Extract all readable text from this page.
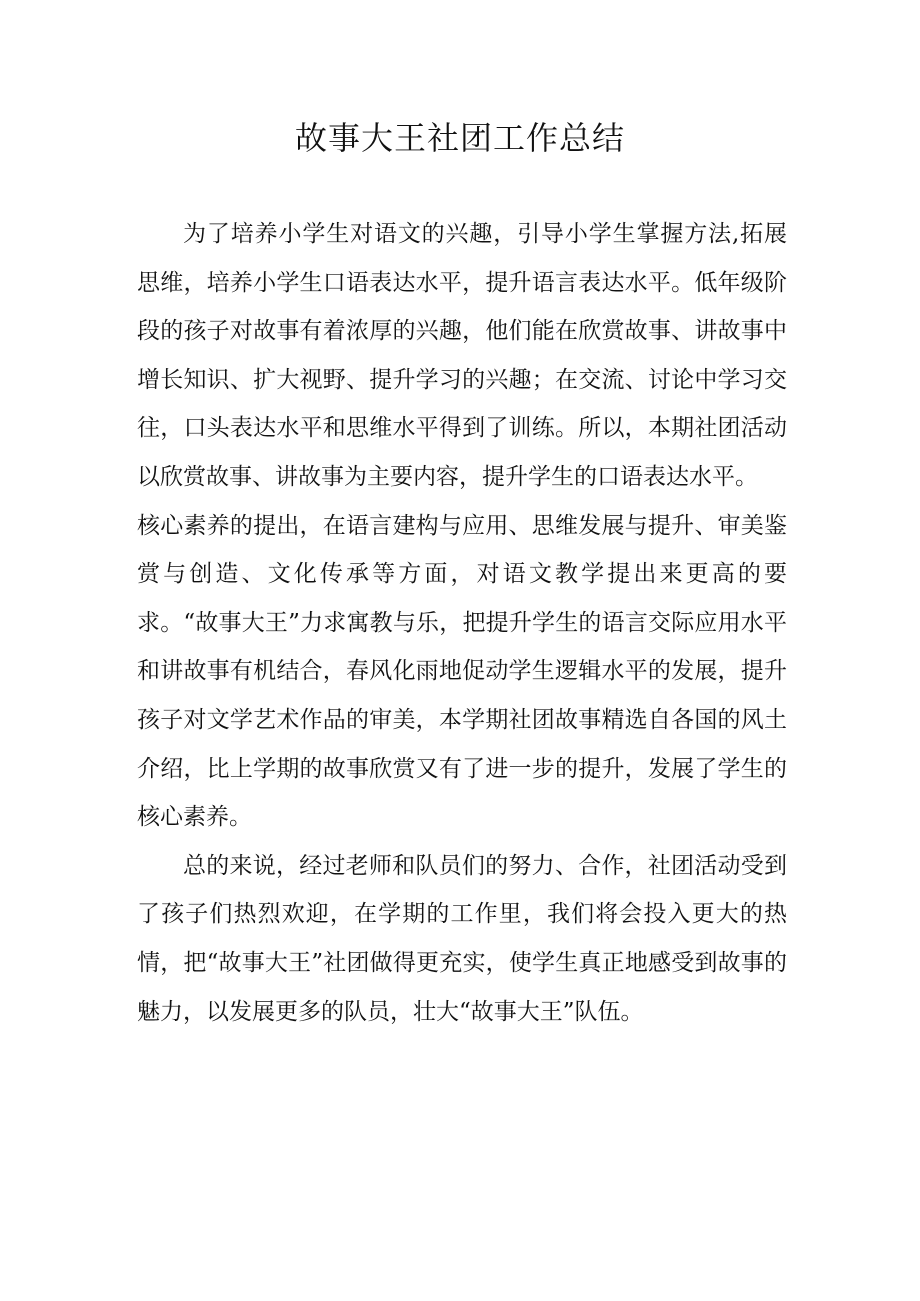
故事大王社团工作总结

为了培养小学生对语文的兴趣，引导小学生掌握方法,拓展思维，培养小学生口语表达水平，提升语言表达水平。低年级阶段的孩子对故事有着浓厚的兴趣，他们能在欣赏故事、讲故事中增长知识、扩大视野、提升学习的兴趣；在交流、讨论中学习交往，口头表达水平和思维水平得到了训练。所以，本期社团活动以欣赏故事、讲故事为主要内容，提升学生的口语表达水平。

核心素养的提出，在语言建构与应用、思维发展与提升、审美鉴赏与创造、文化传承等方面，对语文教学提出来更高的要求。“故事大王”力求寓教与乐，把提升学生的语言交际应用水平和讲故事有机结合，春风化雨地促动学生逻辑水平的发展，提升孩子对文学艺术作品的审美，本学期社团故事精选自各国的风土介绍，比上学期的故事欣赏又有了进一步的提升，发展了学生的核心素养。

总的来说，经过老师和队员们的努力、合作，社团活动受到了孩子们热烈欢迎，在学期的工作里，我们将会投入更大的热情，把“故事大王”社团做得更充实，使学生真正地感受到故事的魅力，以发展更多的队员，壮大“故事大王”队伍。
